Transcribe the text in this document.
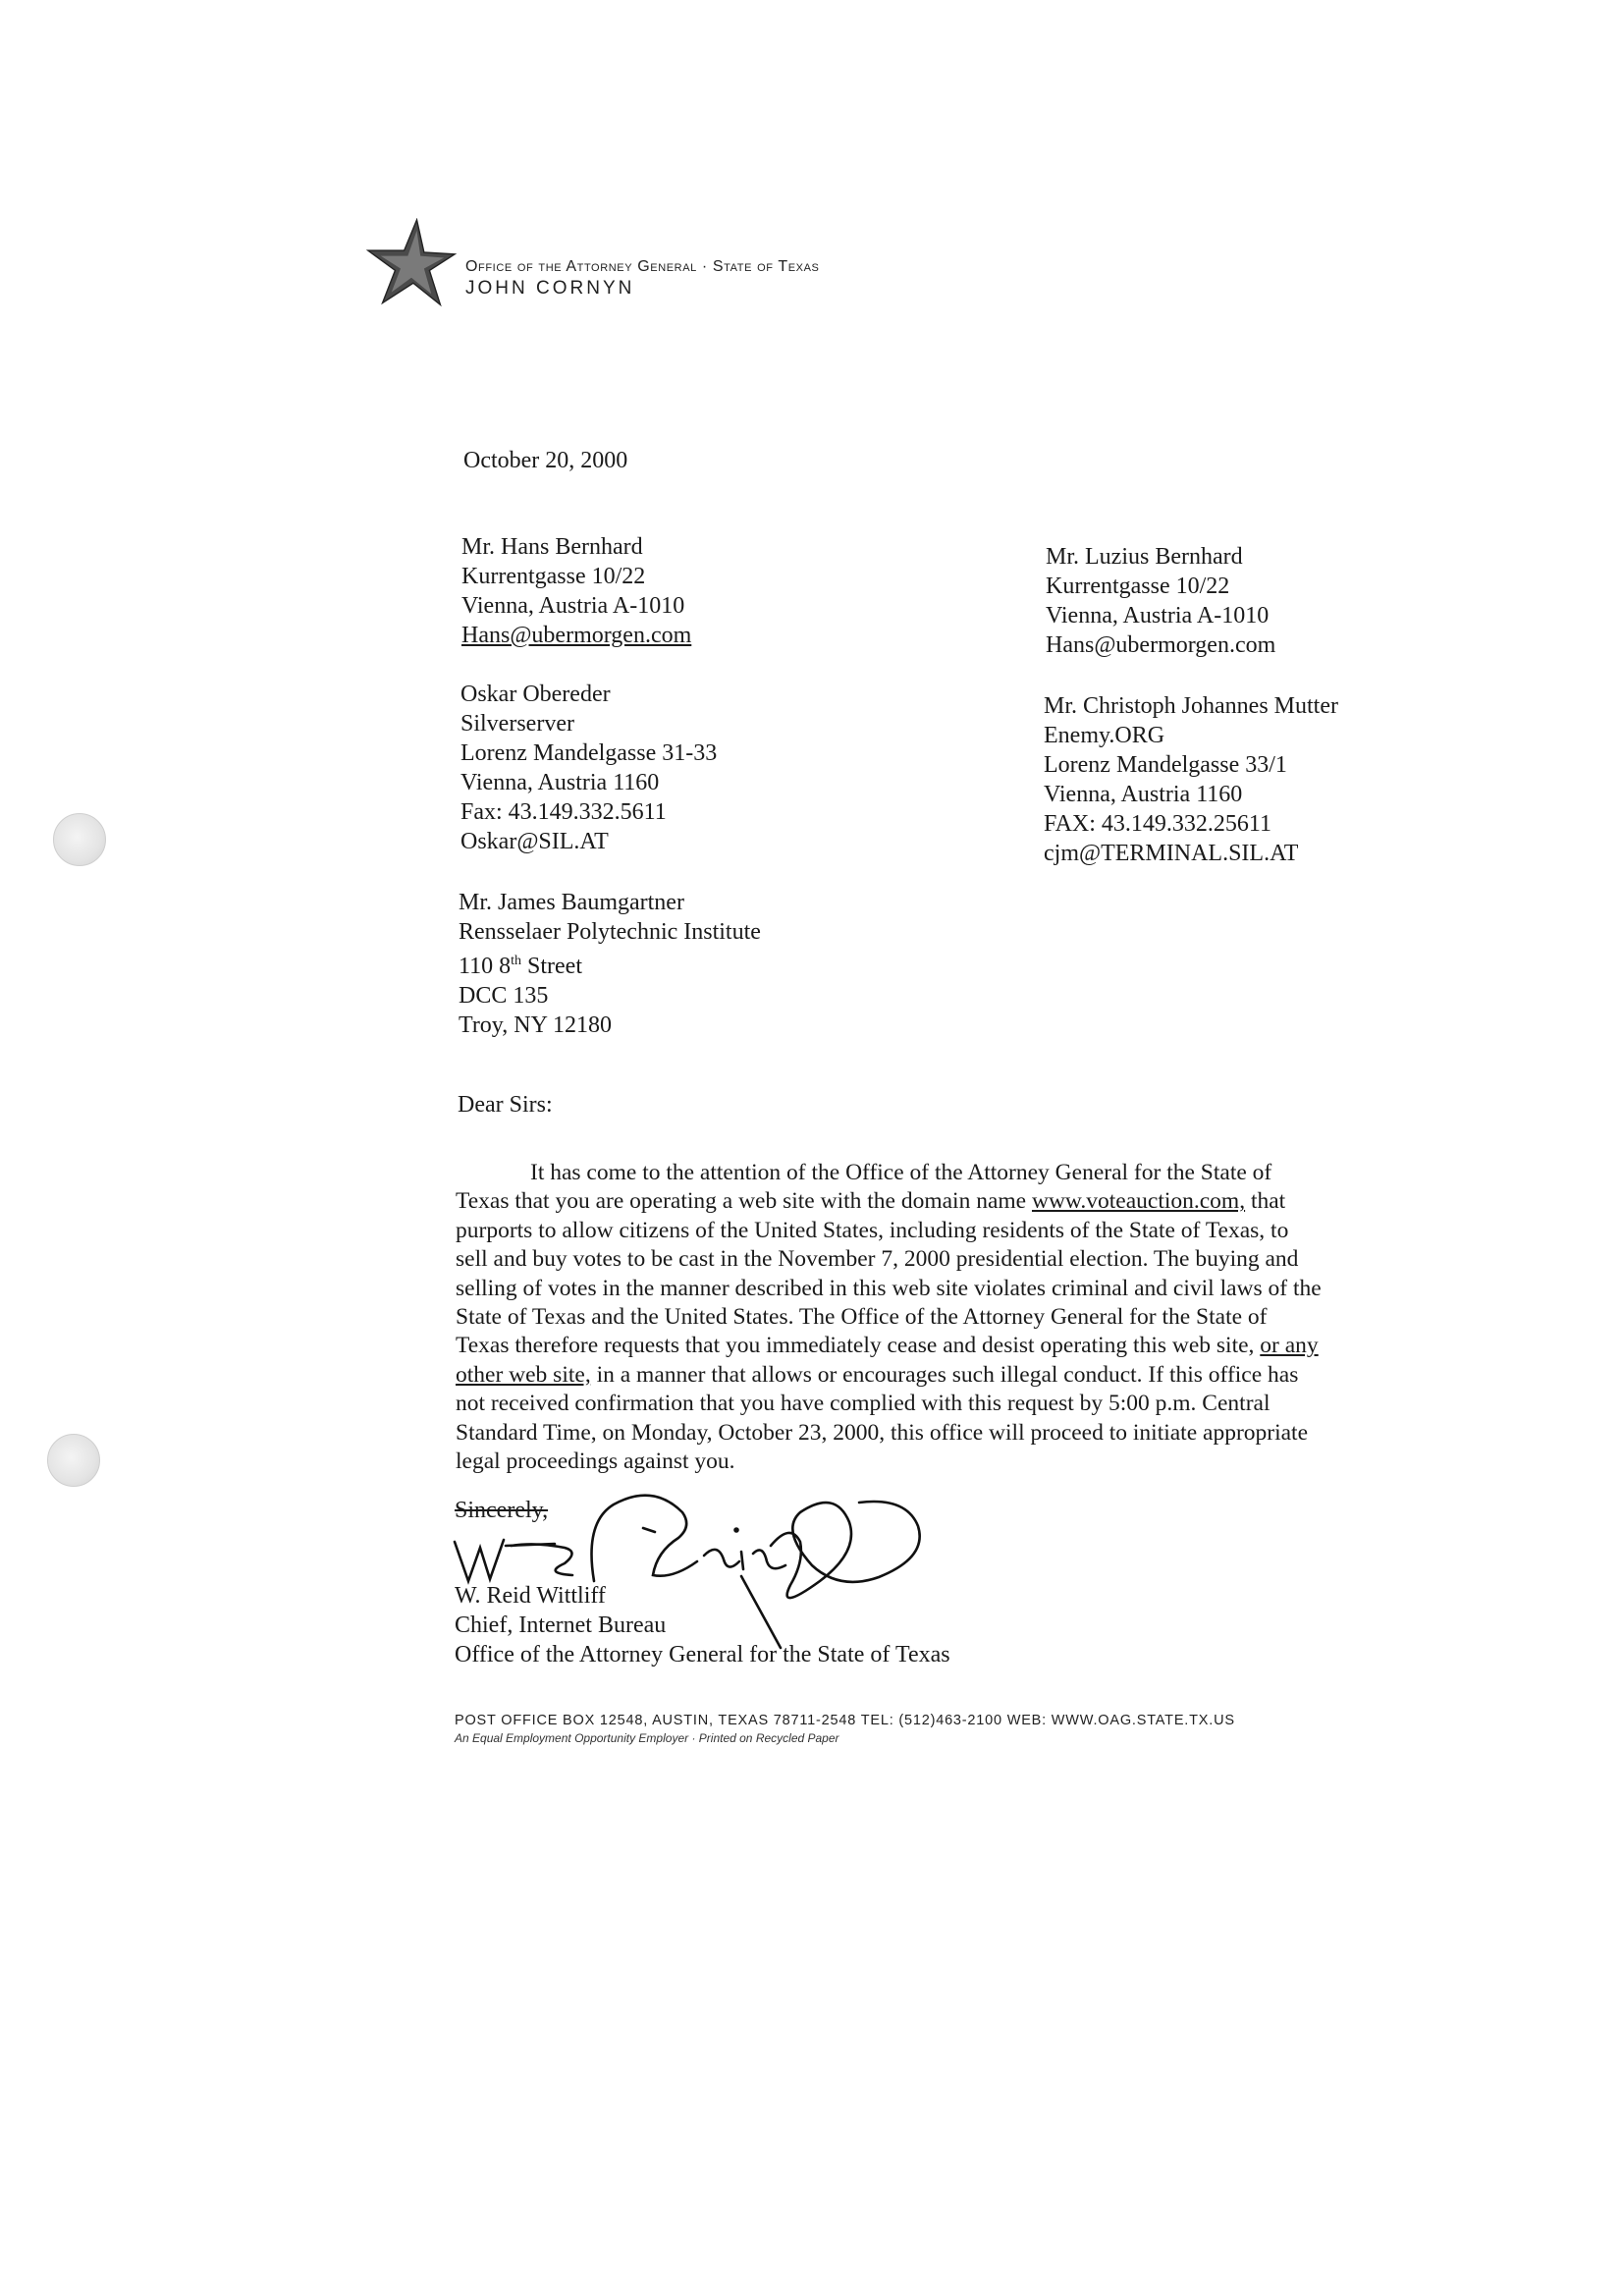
Office of the Attorney General · State of Texas
JOHN CORNYN
October 20, 2000
Mr. Hans Bernhard
Kurrentgasse 10/22
Vienna, Austria A-1010
Hans@ubermorgen.com
Oskar Obereder
Silverserver
Lorenz Mandelgasse 31-33
Vienna, Austria 1160
Fax: 43.149.332.5611
Oskar@SIL.AT
Mr. James Baumgartner
Rensselaer Polytechnic Institute
110 8th Street
DCC 135
Troy, NY 12180
Mr. Luzius Bernhard
Kurrentgasse 10/22
Vienna, Austria A-1010
Hans@ubermorgen.com
Mr. Christoph Johannes Mutter
Enemy.ORG
Lorenz Mandelgasse 33/1
Vienna, Austria 1160
FAX: 43.149.332.25611
cjm@TERMINAL.SIL.AT
Dear Sirs:
It has come to the attention of the Office of the Attorney General for the State of
Texas that you are operating a web site with the domain name www.voteauction.com, that
purports to allow citizens of the United States, including residents of the State of Texas, to
sell and buy votes to be cast in the November 7, 2000 presidential election. The buying and
selling of votes in the manner described in this web site violates criminal and civil laws of the
State of Texas and the United States. The Office of the Attorney General for the State of
Texas therefore requests that you immediately cease and desist operating this web site, or any
other web site, in a manner that allows or encourages such illegal conduct. If this office has
not received confirmation that you have complied with this request by 5:00 p.m. Central
Standard Time, on Monday, October 23, 2000, this office will proceed to initiate appropriate
legal proceedings against you.
Sincerely,
W. Reid Wittliff
Chief, Internet Bureau
Office of the Attorney General for the State of Texas
POST OFFICE BOX 12548, AUSTIN, TEXAS 78711-2548 TEL: (512)463-2100 WEB: WWW.OAG.STATE.TX.US
An Equal Employment Opportunity Employer · Printed on Recycled Paper
